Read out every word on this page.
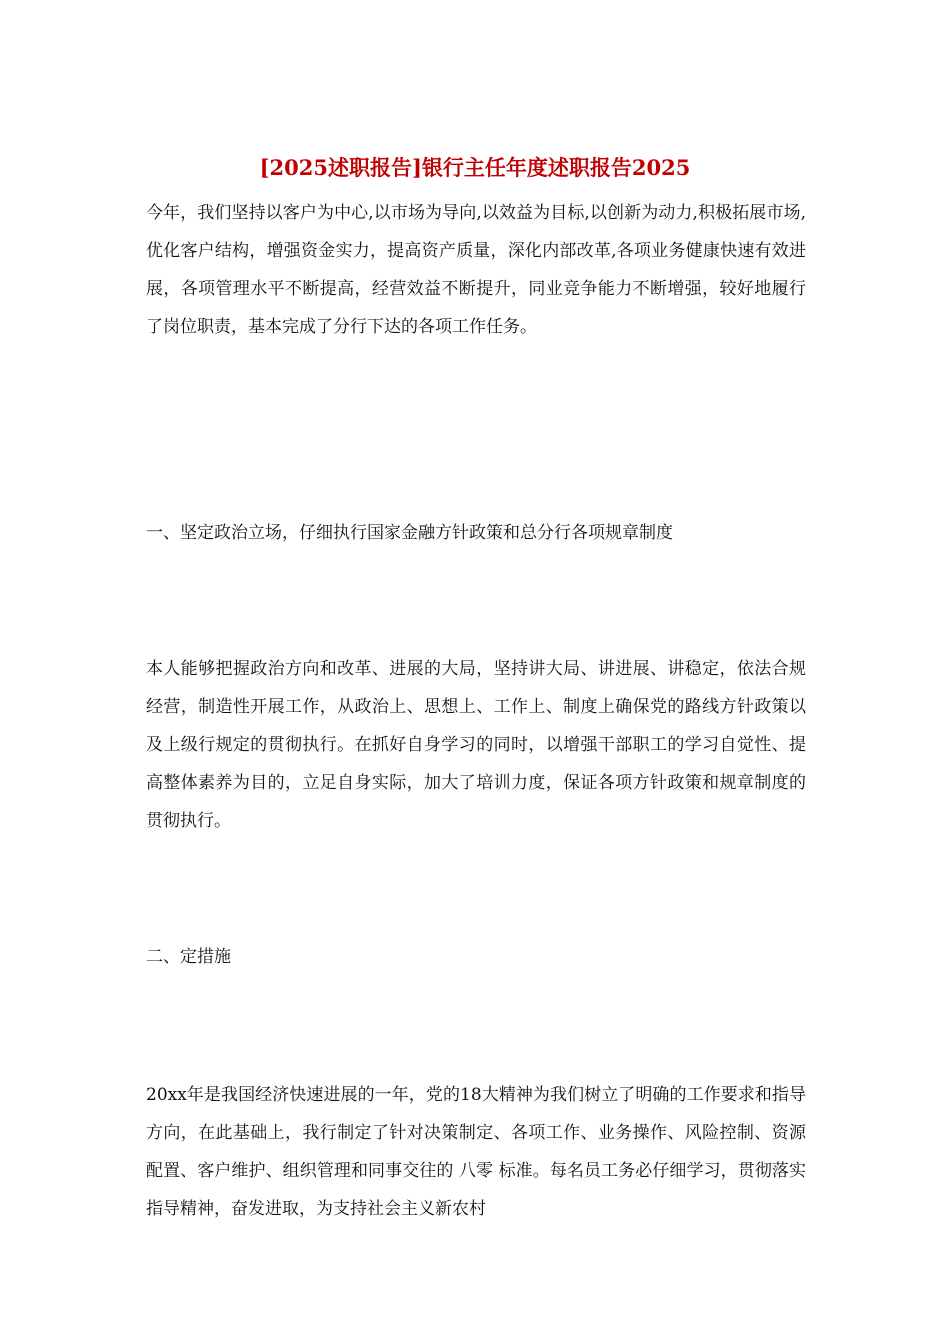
[2025述职报告]银行主任年度述职报告2025

今年，我们坚持以客户为中心,以市场为导向,以效益为目标,以创新为动力,积极拓展市场, 优化客户结构，增强资金实力，提高资产质量，深化内部改革,各项业务健康快速有效进展，各项管理水平不断提高，经营效益不断提升，同业竞争能力不断增强，较好地履行了岗位职责，基本完成了分行下达的各项工作任务。

一、坚定政治立场，仔细执行国家金融方针政策和总分行各项规章制度

本人能够把握政治方向和改革、进展的大局，坚持讲大局、讲进展、讲稳定，依法合规经营，制造性开展工作，从政治上、思想上、工作上、制度上确保党的路线方针政策以及上级行规定的贯彻执行。在抓好自身学习的同时，以增强干部职工的学习自觉性、提高整体素养为目的，立足自身实际，加大了培训力度，保证各项方针政策和规章制度的贯彻执行。

二、定措施

20xx年是我国经济快速进展的一年，党的18大精神为我们树立了明确的工作要求和指导方向，在此基础上，我行制定了针对决策制定、各项工作、业务操作、风险控制、资源配置、客户维护、组织管理和同事交往的 八零 标准。每名员工务必仔细学习，贯彻落实指导精神，奋发进取，为支持社会主义新农村
